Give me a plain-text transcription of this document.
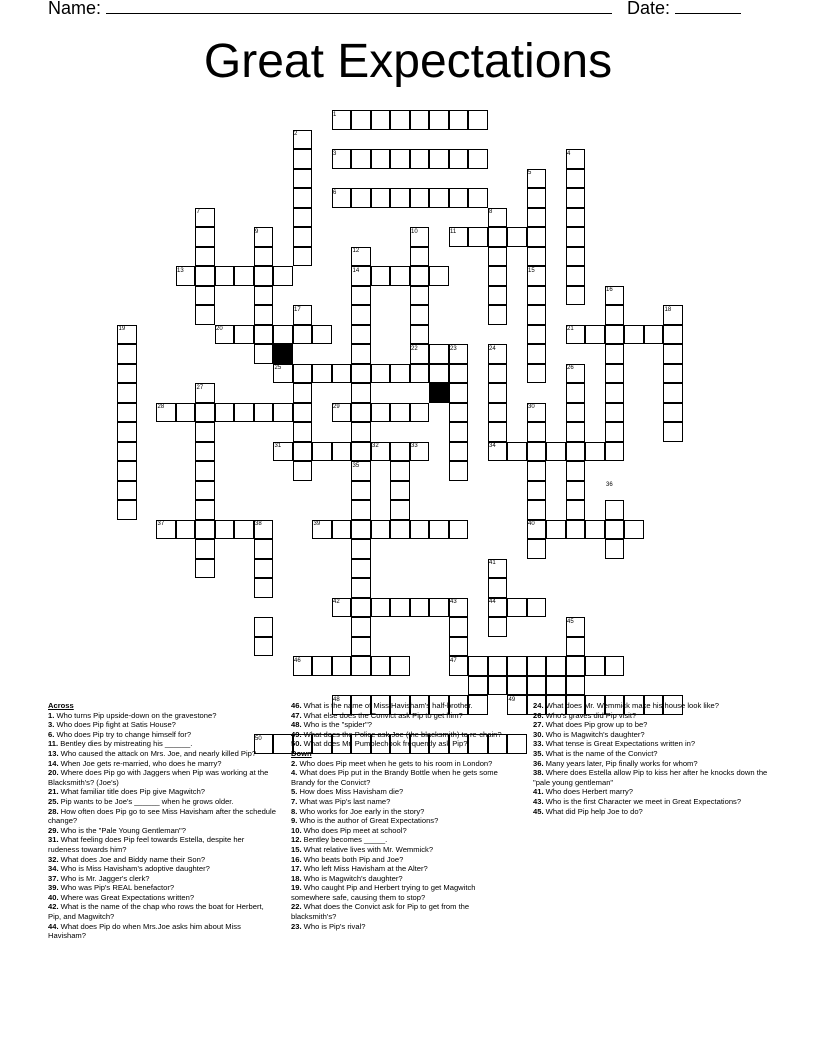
Name:	Date:
Great Expectations
1
2
3	4
5
6
7	8
9	10	11
12
13	14	15
16
17	18
19	20	21
22	23	24
25	26
27
28	29	30
31	32	33	34
35
36
37	38	39	40
41
42	43	44
45
46	47
48	49
50
Across
1. Who turns Pip upside-down on the gravestone?
3. Who does Pip fight at Satis House?
6. Who does Pip try to change himself for?
11. Bentley dies by mistreating his ______.
13. Who caused the attack on Mrs. Joe, and nearly killed Pip?
14. When Joe gets re-married, who does he marry?
20. Where does Pip go with Jaggers when Pip was working at the Blacksmith's? (Joe's)
21. What familiar title does Pip give Magwitch?
25. Pip wants to be Joe's ______ when he grows older.
28. How often does Pip go to see Miss Havisham after the schedule change?
29. Who is the "Pale Young Gentleman"?
31. What feeling does Pip feel towards Estella, despite her rudeness towards him?
32. What does Joe and Biddy name their Son?
34. Who is Miss Havisham's adoptive daughter?
37. Who is Mr. Jagger's clerk?
39. Who was Pip's REAL benefactor?
40. Where was Great Expectations written?
42. What is the name of the chap who rows the boat for Herbert, Pip, and Magwitch?
44. What does Pip do when Mrs.Joe asks him about Miss Havisham?
46. What is the name of Miss Havisham's half-brother.
47. What else does the Convict ask Pip to get him?
48. Who is the "spider"?
49. What does the Police ask Joe (the blacksmith) to re-chain?
50. What does Mr. Pumblechook frequently ask Pip?
Down
2. Who does Pip meet when he gets to his room in London?
4. What does Pip put in the Brandy Bottle when he gets some Brandy for the Convict?
5. How does Miss Havisham die?
7. What was Pip's last name?
8. Who works for Joe early in the story?
9. Who is the author of Great Expectations?
10. Who does Pip meet at school?
12. Bentley becomes _____.
15. What relative lives with Mr. Wemmick?
16. Who beats both Pip and Joe?
17. Who left Miss Havisham at the Alter?
18. Who is Magwitch's daughter?
19. Who caught Pip and Herbert trying to get Magwitch somewhere safe, causing them to stop?
22. What does the Convict ask for Pip to get from the blacksmith's?
23. Who is Pip's rival?
24. What does Mr. Wemmick make his house look like?
26. Who's graves did Pip visit?
27. What does Pip grow up to be?
30. Who is Magwitch's daughter?
33. What tense is Great Expectations written in?
35. What is the name of the Convict?
36. Many years later, Pip finally works for whom?
38. Where does Estella allow Pip to kiss her after he knocks down the "pale young gentleman"
41. Who does Herbert marry?
43. Who is the first Character we meet in Great Expectations?
45. What did Pip help Joe to do?
